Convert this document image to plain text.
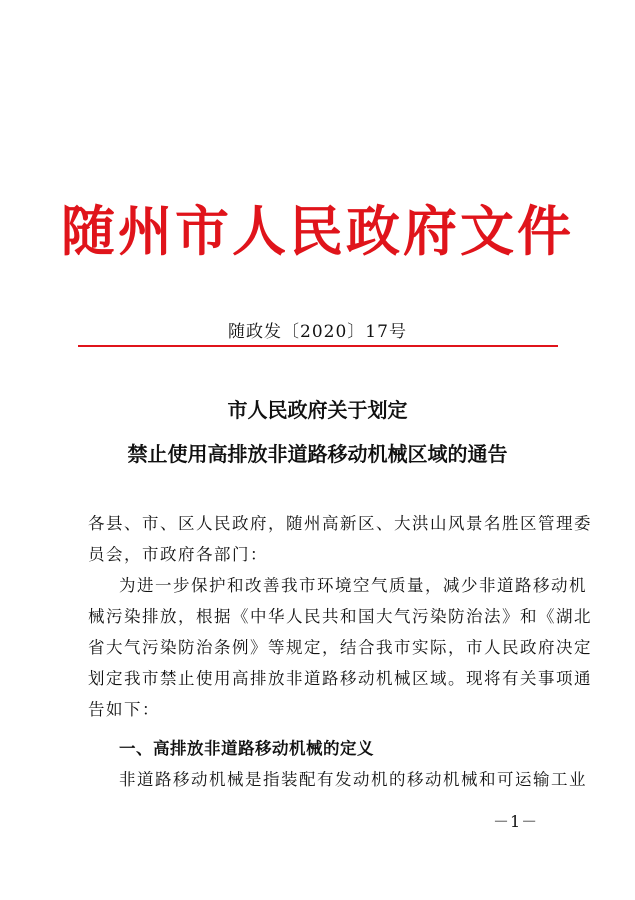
随州市人民政府文件
随政发〔2020〕17号
市人民政府关于划定
禁止使用高排放非道路移动机械区域的通告
各县、市、区人民政府，随州高新区、大洪山风景名胜区管理委
员会，市政府各部门：
为进一步保护和改善我市环境空气质量，减少非道路移动机
械污染排放，根据《中华人民共和国大气污染防治法》和《湖北
省大气污染防治条例》等规定，结合我市实际，市人民政府决定
划定我市禁止使用高排放非道路移动机械区域。现将有关事项通
告如下：
一、高排放非道路移动机械的定义
非道路移动机械是指装配有发动机的移动机械和可运输工业
－1－
